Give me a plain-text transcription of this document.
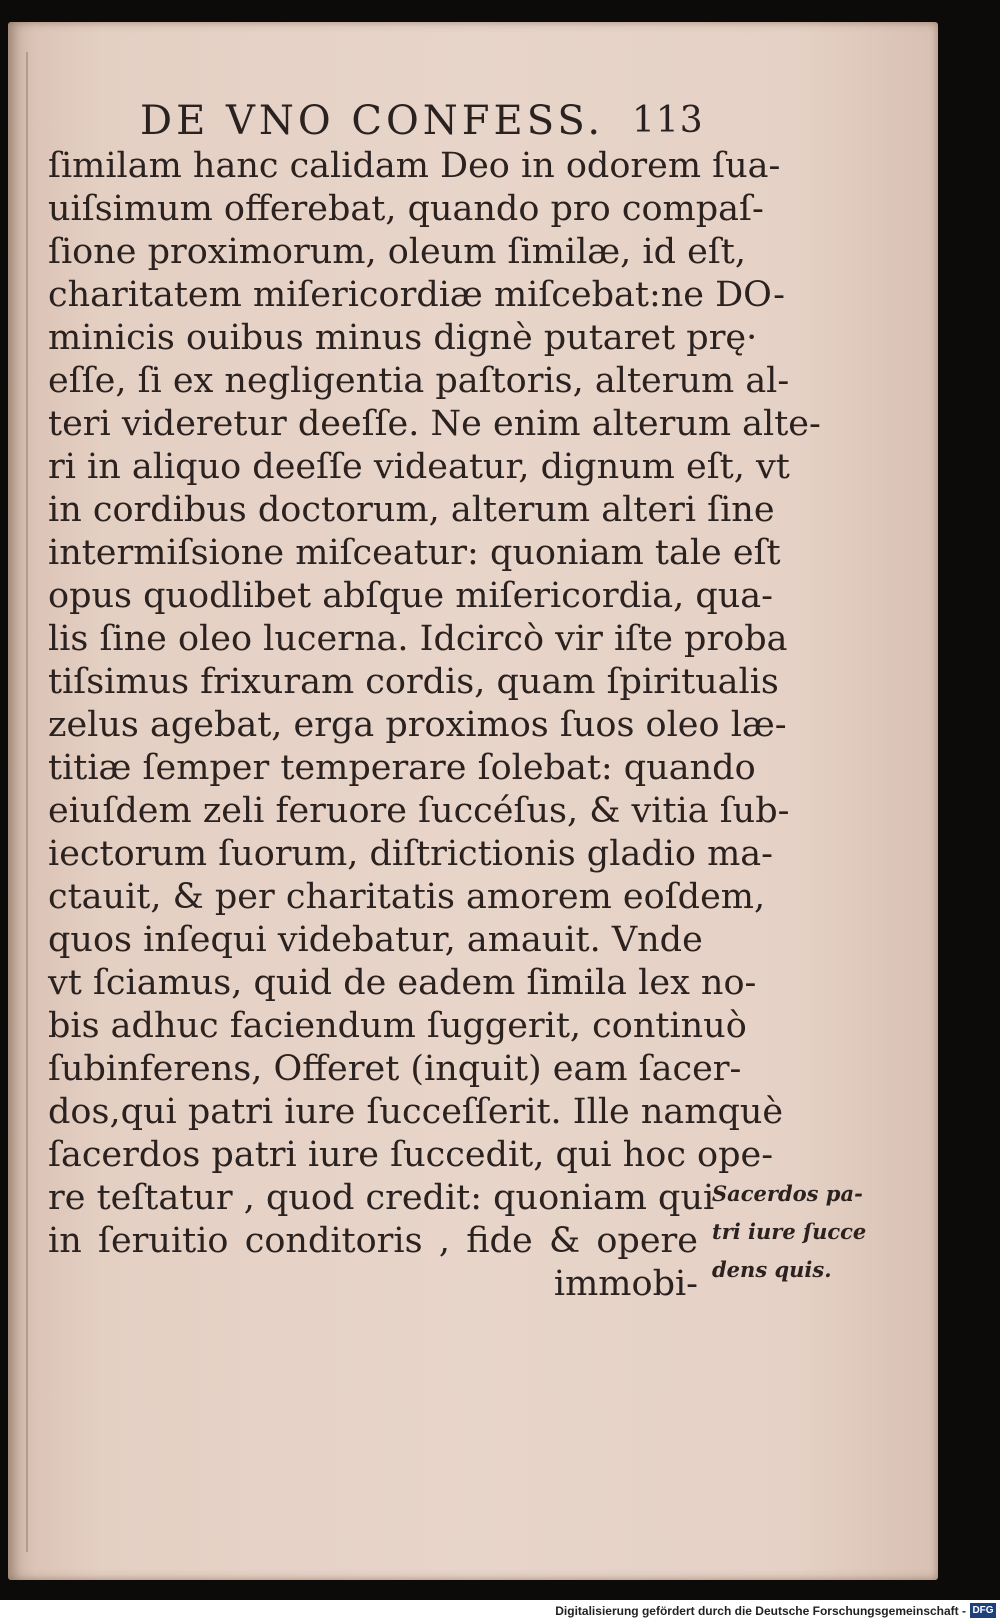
DE VNO CONFESS. 113
ſimilam hanc calidam Deo in odorem ſua-
uiſsimum offerebat, quando pro compaſ-
ſione proximorum, oleum ſimilæ, id eſt,
charitatem miſericordiæ miſcebat:ne DO-
minicis ouibus minus dignè putaret prę·
eſſe, ſi ex negligentia paſtoris, alterum al-
teri videretur deeſſe. Ne enim alterum alte-
ri in aliquo deeſſe videatur, dignum eſt, vt
in cordibus doctorum, alterum alteri ſine
intermiſsione miſceatur: quoniam tale eſt
opus quodlibet abſque miſericordia, qua-
lis ſine oleo lucerna. Idcircò vir iſte proba
tiſsimus frixuram cordis, quam ſpiritualis
zelus agebat, erga proximos ſuos oleo læ-
titiæ ſemper temperare ſolebat: quando
eiuſdem zeli feruore ſuccéſus, & vitia ſub-
iectorum ſuorum, diſtrictionis gladio ma-
ctauit, & per charitatis amorem eoſdem,
quos inſequi videbatur, amauit. Vnde
vt ſciamus, quid de eadem ſimila lex no-
bis adhuc faciendum ſuggerit, continuò
ſubinferens, Offeret (inquit) eam ſacer-
dos,qui patri iure ſucceſſerit. Ille namquè
ſacerdos patri iure ſuccedit, qui hoc ope-
re teſtatur , quod credit: quoniam qui
in ſeruitio conditoris , fide & opere
immobi-
Sacerdos pa-
tri iure ſucce
dens quis.
Digitalisierung gefördert durch die Deutsche Forschungsgemeinschaft - DFG
